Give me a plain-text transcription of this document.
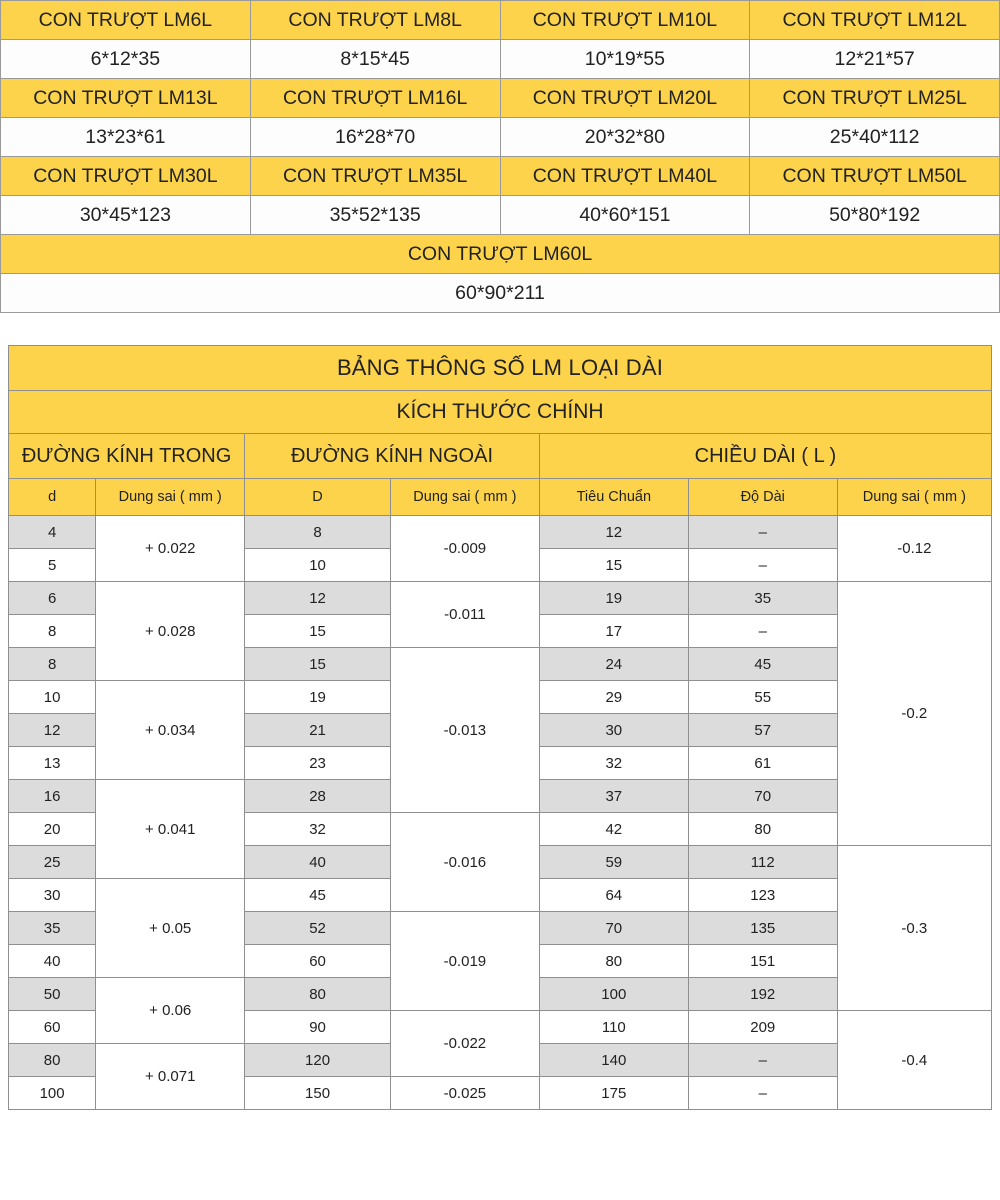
CON TRƯỢT LM6L	CON TRƯỢT LM8L	CON TRƯỢT LM10L	CON TRƯỢT LM12L
6*12*35	8*15*45	10*19*55	12*21*57
CON TRƯỢT LM13L	CON TRƯỢT LM16L	CON TRƯỢT LM20L	CON TRƯỢT LM25L
13*23*61	16*28*70	20*32*80	25*40*112
CON TRƯỢT LM30L	CON TRƯỢT LM35L	CON TRƯỢT LM40L	CON TRƯỢT LM50L
30*45*123	35*52*135	40*60*151	50*80*192
CON TRƯỢT LM60L			
60*90*211			
BẢNG THÔNG SỐ LM LOẠI DÀI						
KÍCH THƯỚC CHÍNH						
ĐƯỜNG KÍNH TRONG		ĐƯỜNG KÍNH NGOÀI		CHIỀU DÀI ( L )		
d	Dung sai ( mm )	D	Dung sai ( mm )	Tiêu Chuẩn	Độ Dài	Dung sai ( mm )
4	+ 0.022	8	-0.009	12	–	-0.12
5		10		15	–	
6	+ 0.028	12	-0.011	19	35	-0.2
8		15		17	–	
8		15	-0.013	24	45	
10	+ 0.034	19		29	55	
12		21		30	57	
13		23		32	61	
16	+ 0.041	28		37	70	
20		32	-0.016	42	80	
25		40		59	112	-0.3
30	+ 0.05	45		64	123	
35		52	-0.019	70	135	
40		60		80	151	
50	+ 0.06	80		100	192	
60		90	-0.022	110	209	-0.4
80	+ 0.071	120		140	–	
100		150	-0.025	175	–	
